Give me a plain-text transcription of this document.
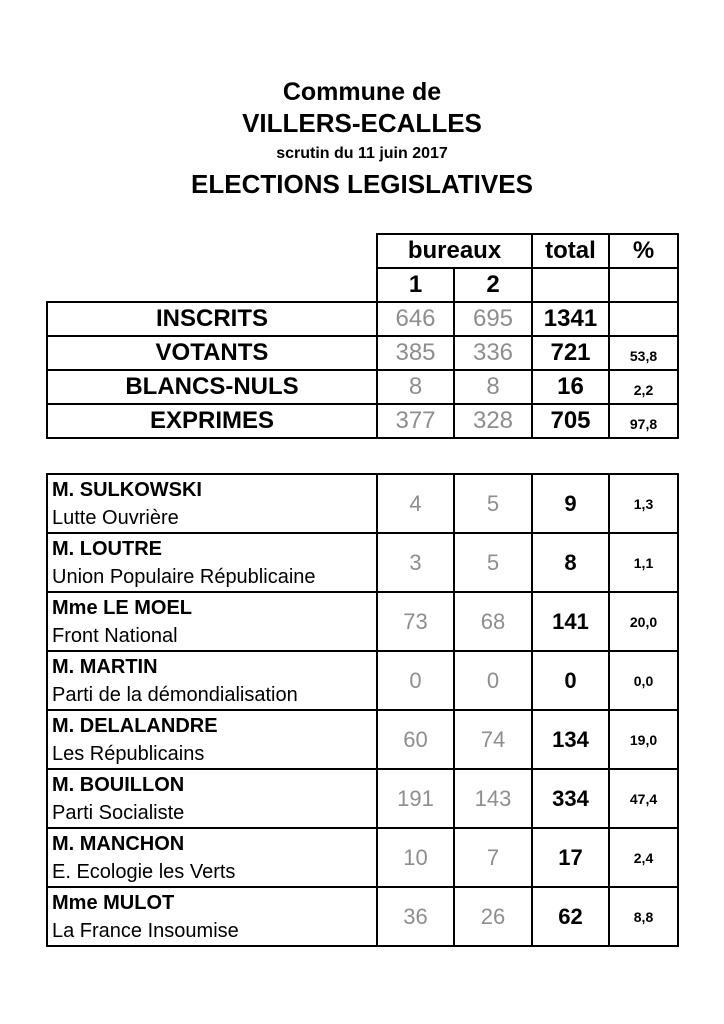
Commune de
VILLERS-ECALLES
scrutin du 11 juin 2017
ELECTIONS LEGISLATIVES
	bureaux		total	%
	1	2		
INSCRITS	646	695	1341	
VOTANTS	385	336	721	53,8
BLANCS-NULS	8	8	16	2,2
EXPRIMES	377	328	705	97,8
M. SULKOWSKI
Lutte Ouvrière	4	5	9	1,3

M. LOUTRE
Union Populaire Républicaine	3	5	8	1,1

Mme LE MOEL
Front National	73	68	141	20,0

M. MARTIN
Parti de la démondialisation	0	0	0	0,0

M. DELALANDRE
Les Républicains	60	74	134	19,0

M. BOUILLON
Parti Socialiste	191	143	334	47,4

M. MANCHON
E. Ecologie les Verts	10	7	17	2,4

Mme MULOT
La France Insoumise	36	26	62	8,8
